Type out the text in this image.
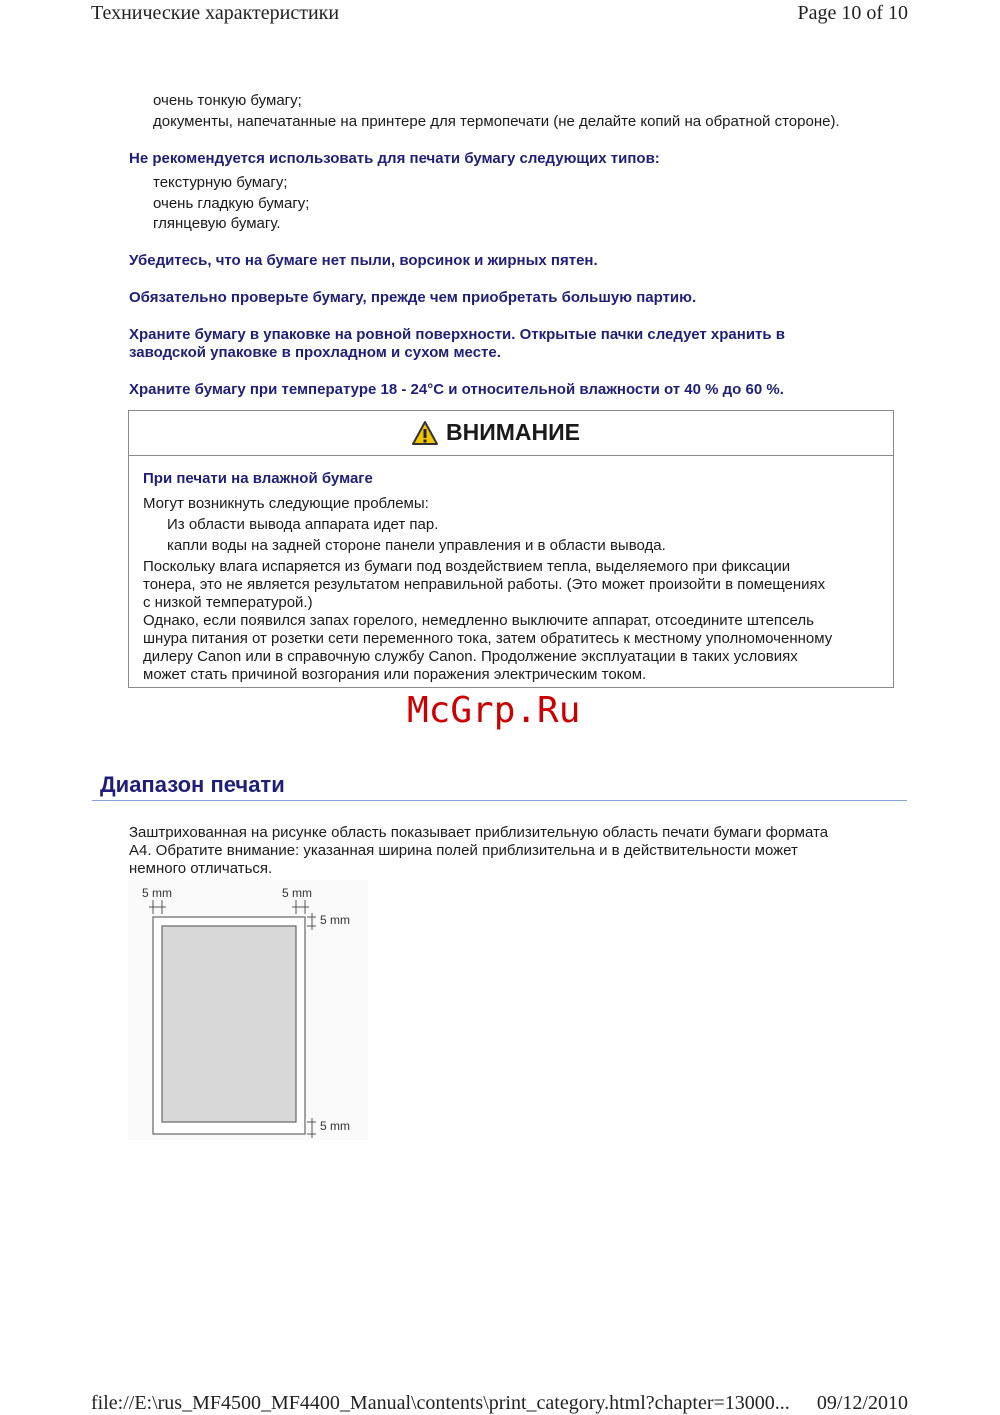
Технические характеристики	Page 10 of 10
очень тонкую бумагу;
документы, напечатанные на принтере для термопечати (не делайте копий на обратной стороне).
Не рекомендуется использовать для печати бумагу следующих типов:
текстурную бумагу;
очень гладкую бумагу;
глянцевую бумагу.
Убедитесь, что на бумаге нет пыли, ворсинок и жирных пятен.
Обязательно проверьте бумагу, прежде чем приобретать большую партию.
Храните бумагу в упаковке на ровной поверхности. Открытые пачки следует хранить в
заводской упаковке в прохладном и сухом месте.
Храните бумагу при температуре 18 - 24°С и относительной влажности от 40 % до 60 %.
ВНИМАНИЕ
При печати на влажной бумаге
Могут возникнуть следующие проблемы:
Из области вывода аппарата идет пар.
капли воды на задней стороне панели управления и в области вывода.
Поскольку влага испаряется из бумаги под воздействием тепла, выделяемого при фиксации
тонера, это не является результатом неправильной работы. (Это может произойти в помещениях
с низкой температурой.)
Однако, если появился запах горелого, немедленно выключите аппарат, отсоедините штепсель
шнура питания от розетки сети переменного тока, затем обратитесь к местному уполномоченному
дилеру Canon или в справочную службу Canon. Продолжение эксплуатации в таких условиях
может стать причиной возгорания или поражения электрическим током.
McGrp.Ru
Диапазон печати
Заштрихованная на рисунке область показывает приблизительную область печати бумаги формата
А4. Обратите внимание: указанная ширина полей приблизительна и в действительности может
немного отличаться.
5 mm	5 mm
5 mm
5 mm
file://E:\rus_MF4500_MF4400_Manual\contents\print_category.html?chapter=13000... 09/12/2010
